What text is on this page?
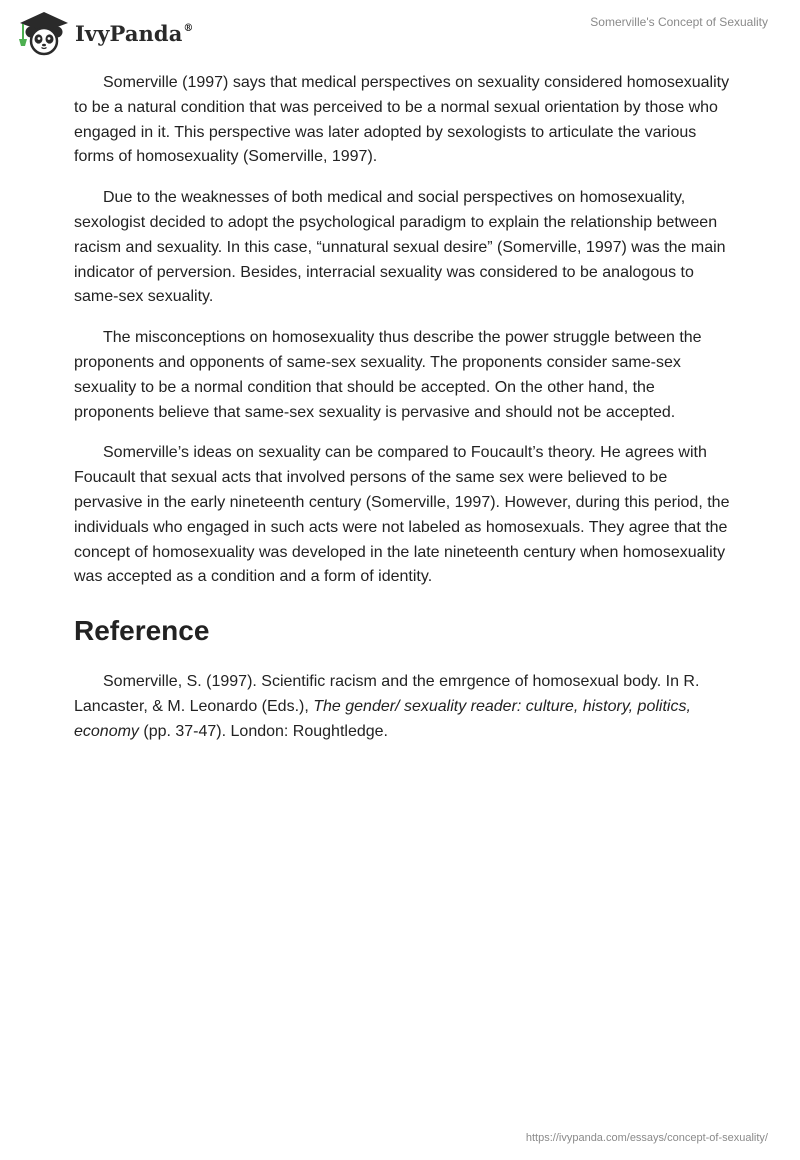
IvyPanda®	Somerville's Concept of Sexuality

Somerville (1997) says that medical perspectives on sexuality considered homosexuality to be a natural condition that was perceived to be a normal sexual orientation by those who engaged in it. This perspective was later adopted by sexologists to articulate the various forms of homosexuality (Somerville, 1997).

Due to the weaknesses of both medical and social perspectives on homosexuality, sexologist decided to adopt the psychological paradigm to explain the relationship between racism and sexuality. In this case, “unnatural sexual desire” (Somerville, 1997) was the main indicator of perversion. Besides, interracial sexuality was considered to be analogous to same-sex sexuality.

The misconceptions on homosexuality thus describe the power struggle between the proponents and opponents of same-sex sexuality. The proponents consider same-sex sexuality to be a normal condition that should be accepted. On the other hand, the proponents believe that same-sex sexuality is pervasive and should not be accepted.

Somerville’s ideas on sexuality can be compared to Foucault’s theory. He agrees with Foucault that sexual acts that involved persons of the same sex were believed to be pervasive in the early nineteenth century (Somerville, 1997). However, during this period, the individuals who engaged in such acts were not labeled as homosexuals. They agree that the concept of homosexuality was developed in the late nineteenth century when homosexuality was accepted as a condition and a form of identity.

Reference

Somerville, S. (1997). Scientific racism and the emrgence of homosexual body. In R. Lancaster, & M. Leonardo (Eds.), The gender/ sexuality reader: culture, history, politics, economy (pp. 37-47). London: Roughtledge.

https://ivypanda.com/essays/concept-of-sexuality/
